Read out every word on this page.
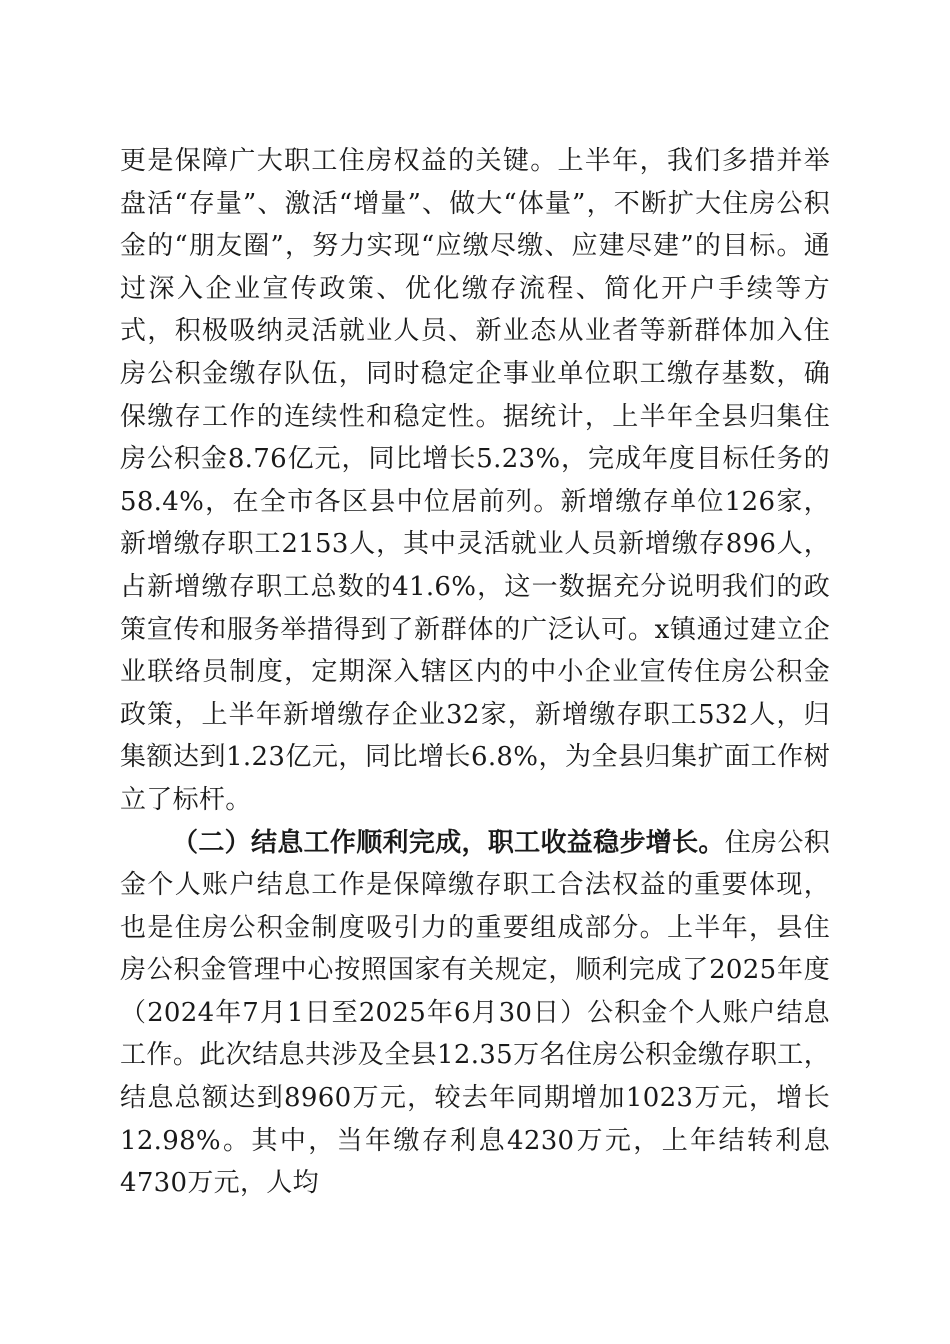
更是保障广大职工住房权益的关键。上半年，我们多措并举盘活“存量”、激活“增量”、做大“体量”，不断扩大住房公积金的“朋友圈”，努力实现“应缴尽缴、应建尽建”的目标。通过深入企业宣传政策、优化缴存流程、简化开户手续等方式，积极吸纳灵活就业人员、新业态从业者等新群体加入住房公积金缴存队伍，同时稳定企事业单位职工缴存基数，确保缴存工作的连续性和稳定性。据统计，上半年全县归集住房公积金8.76亿元，同比增长5.23%，完成年度目标任务的58.4%，在全市各区县中位居前列。新增缴存单位126家，新增缴存职工2153人，其中灵活就业人员新增缴存896人，占新增缴存职工总数的41.6%，这一数据充分说明我们的政策宣传和服务举措得到了新群体的广泛认可。x镇通过建立企业联络员制度，定期深入辖区内的中小企业宣传住房公积金政策，上半年新增缴存企业32家，新增缴存职工532人，归集额达到1.23亿元，同比增长6.8%，为全县归集扩面工作树立了标杆。

（二）结息工作顺利完成，职工收益稳步增长。住房公积金个人账户结息工作是保障缴存职工合法权益的重要体现，也是住房公积金制度吸引力的重要组成部分。上半年，县住房公积金管理中心按照国家有关规定，顺利完成了2025年度（2024年7月1日至2025年6月30日）公积金个人账户结息工作。此次结息共涉及全县12.35万名住房公积金缴存职工，结息总额达到8960万元，较去年同期增加1023万元，增长12.98%。其中，当年缴存利息4230万元，上年结转利息4730万元，人均
